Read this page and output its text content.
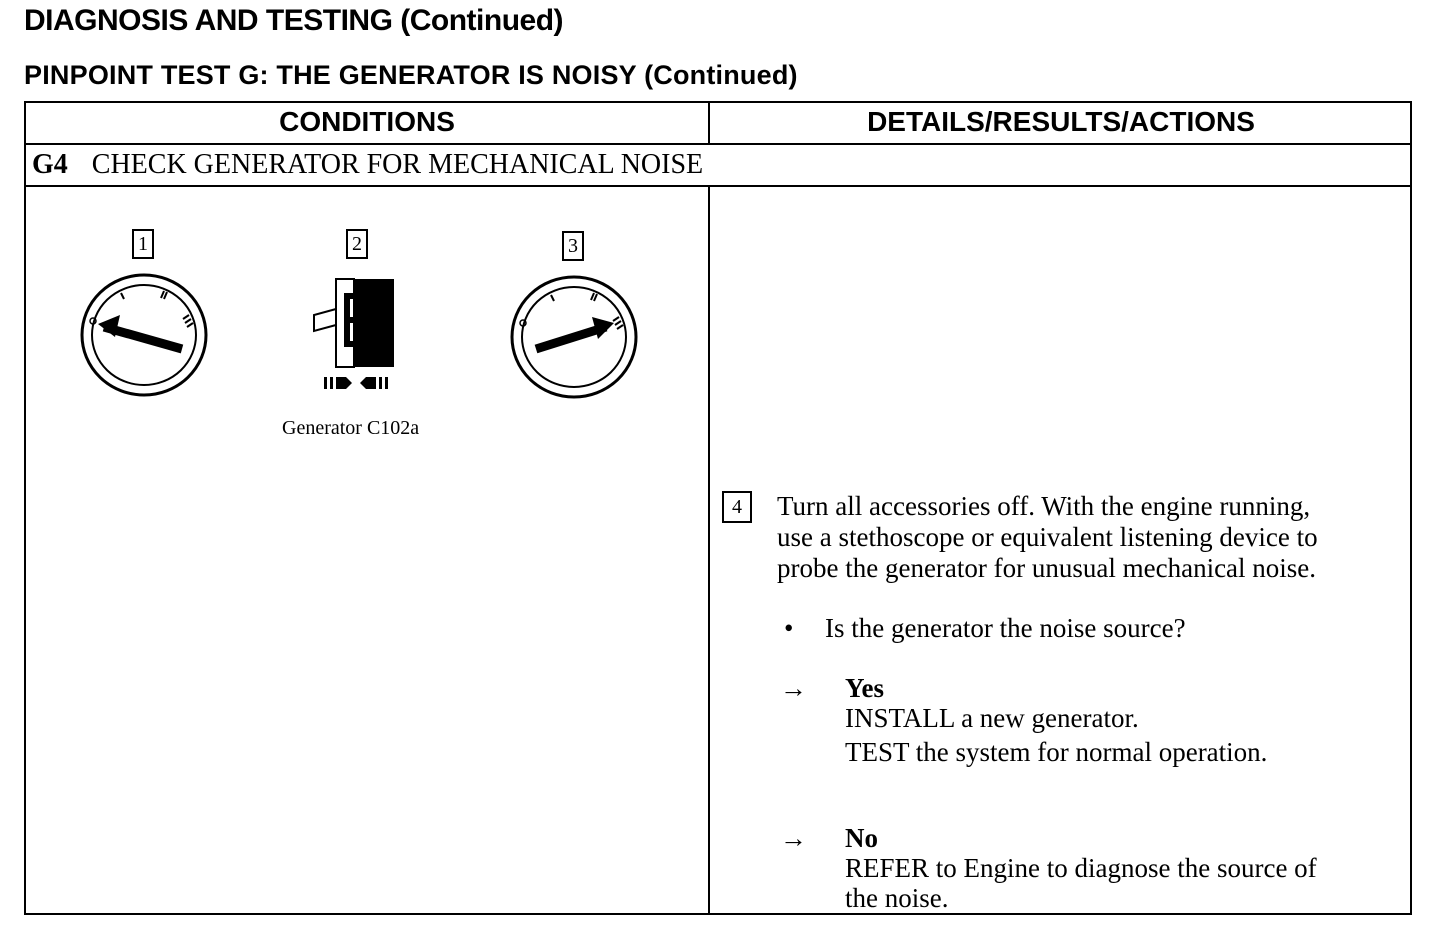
DIAGNOSIS AND TESTING (Continued)
PINPOINT TEST G: THE GENERATOR IS NOISY (Continued)
CONDITIONS	DETAILS/RESULTS/ACTIONS
G4 CHECK GENERATOR FOR MECHANICAL NOISE
1	2
Generator C102a
3
4	Turn all accessories off. With the engine running,
use a stethoscope or equivalent listening device to
probe the generator for unusual mechanical noise.
• Is the generator the noise source?
→ Yes
INSTALL a new generator.
TEST the system for normal operation.
→ No
REFER to Engine to diagnose the source of
the noise.
